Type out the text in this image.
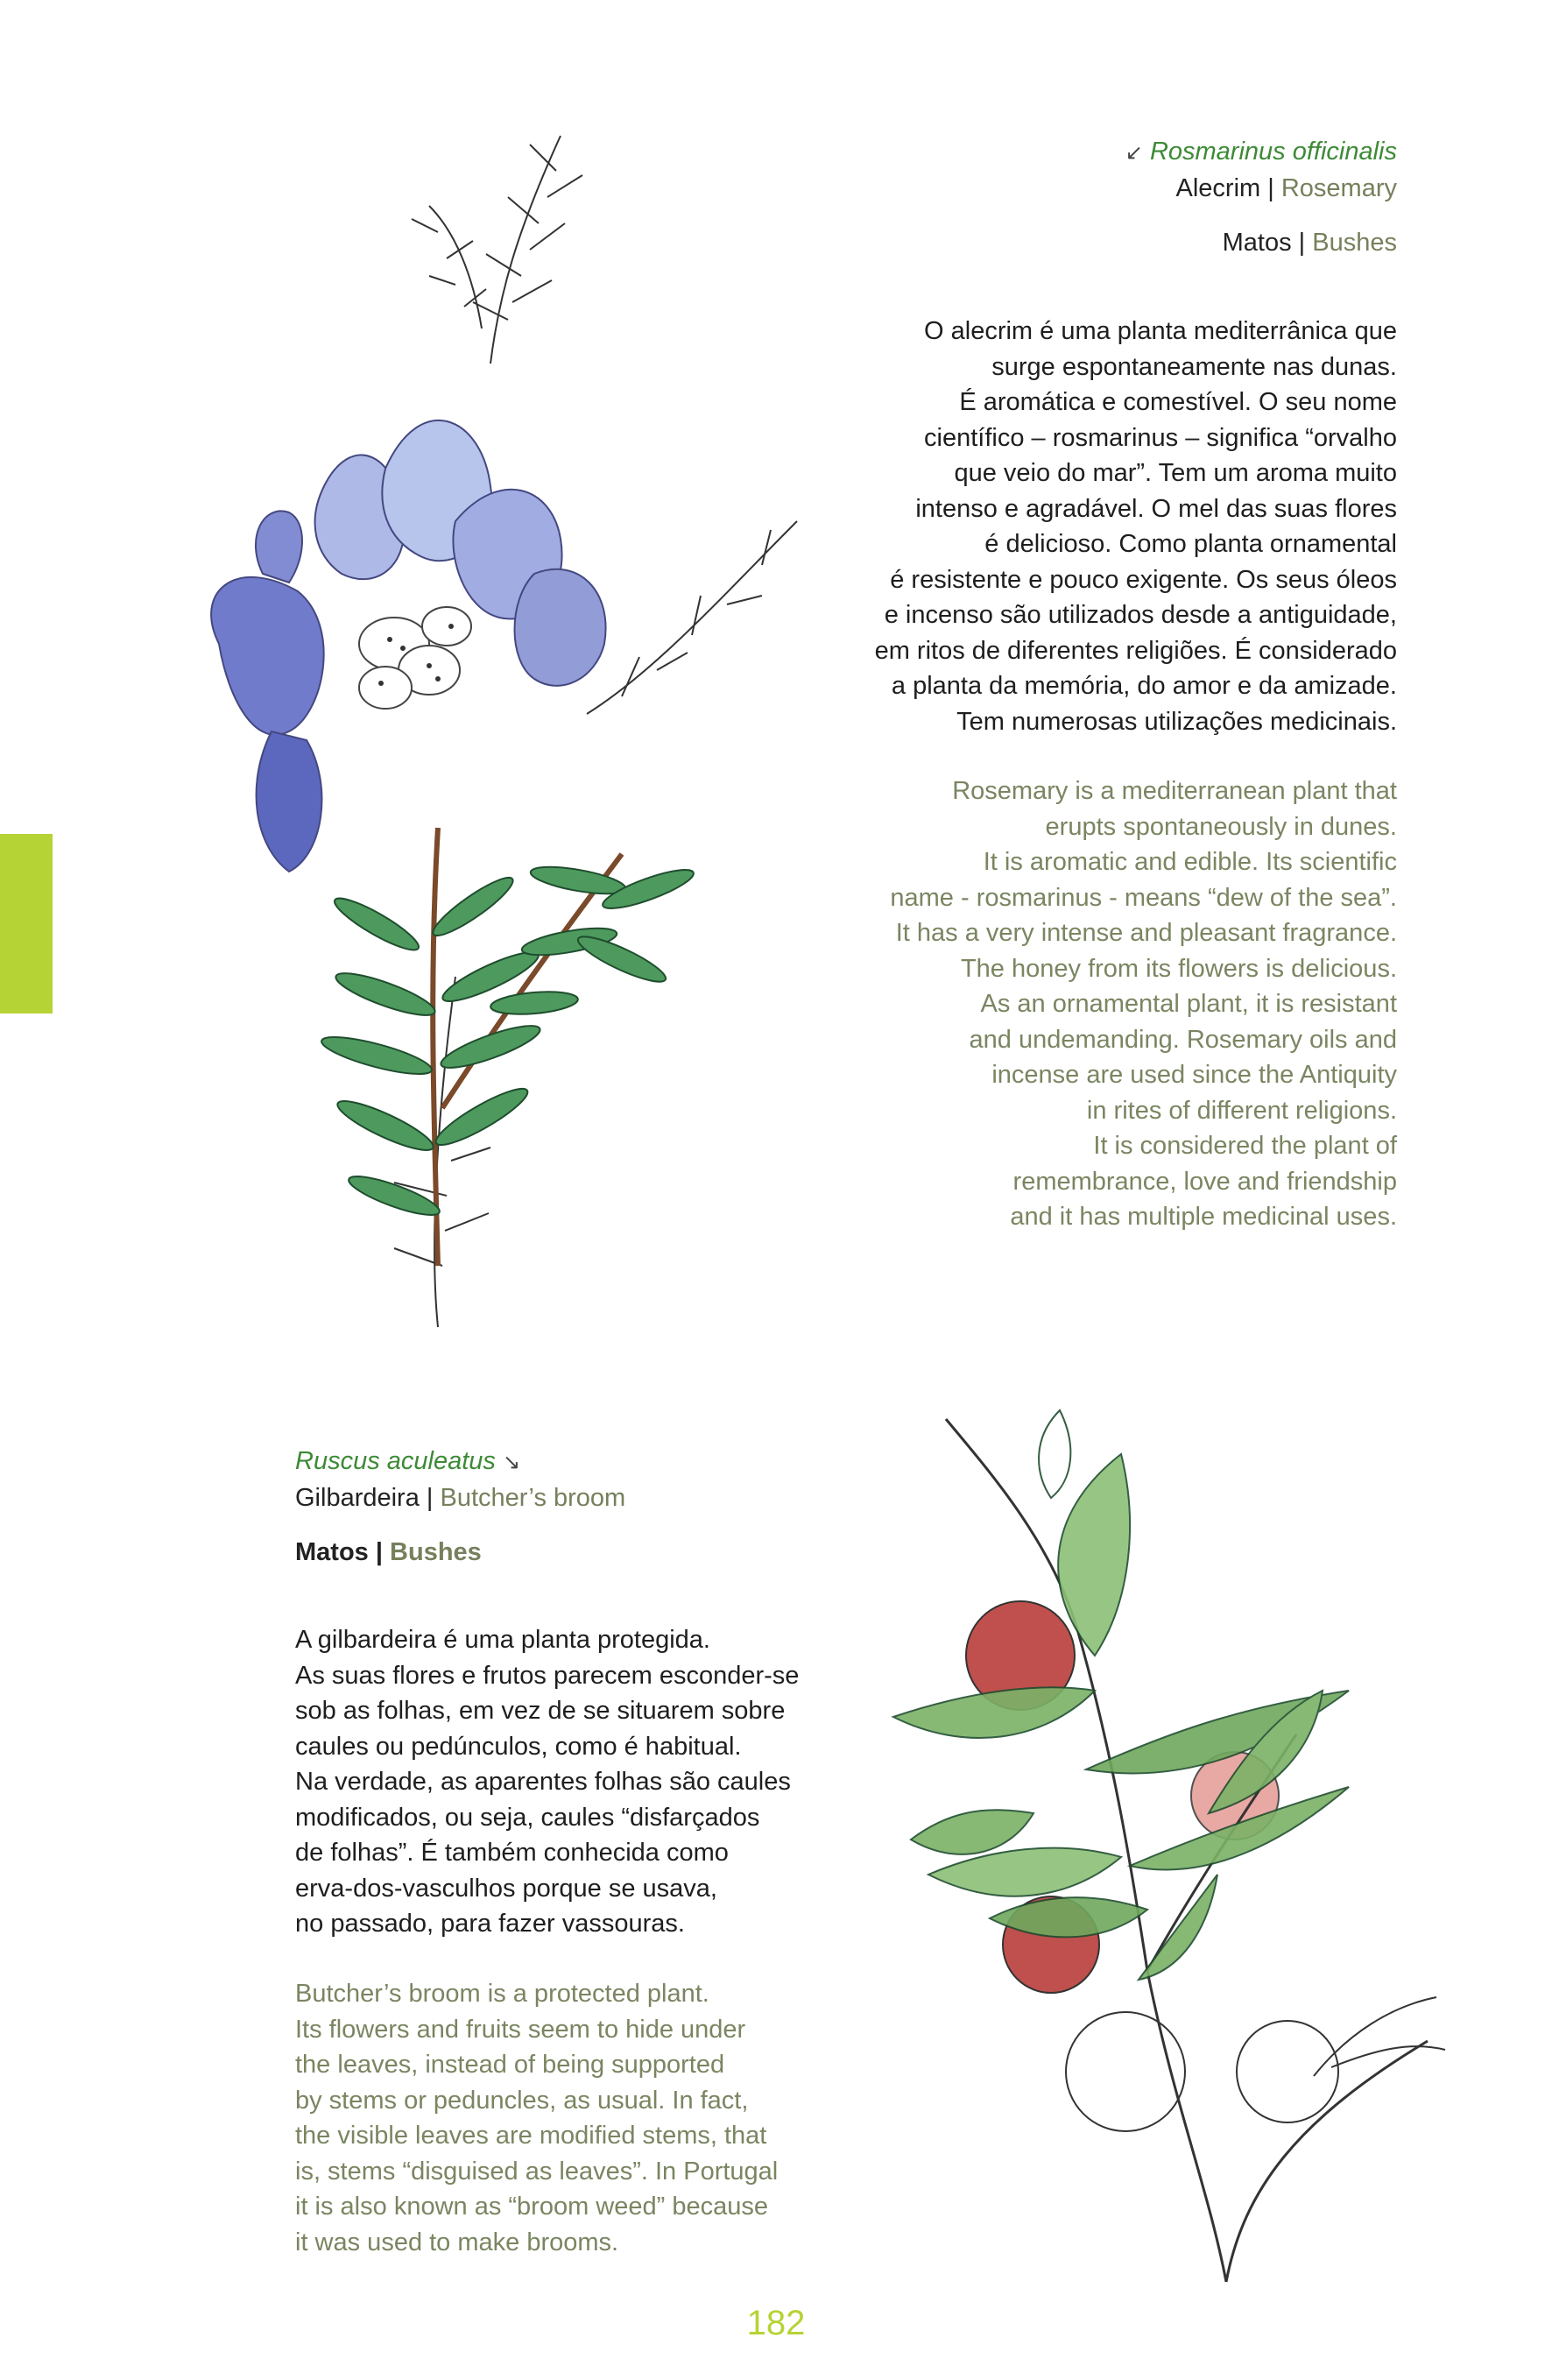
↙ Rosmarinus officinalis
Alecrim | Rosemary
Matos | Bushes
O alecrim é uma planta mediterrânica que
surge espontaneamente nas dunas.
É aromática e comestível. O seu nome
científico – rosmarinus – significa “orvalho
que veio do mar”. Tem um aroma muito
intenso e agradável. O mel das suas flores
é delicioso. Como planta ornamental
é resistente e pouco exigente. Os seus óleos
e incenso são utilizados desde a antiguidade,
em ritos de diferentes religiões. É considerado
a planta da memória, do amor e da amizade.
Tem numerosas utilizações medicinais.
Rosemary is a mediterranean plant that
erupts spontaneously in dunes.
It is aromatic and edible. Its scientific
name - rosmarinus - means “dew of the sea”.
It has a very intense and pleasant fragrance.
The honey from its flowers is delicious.
As an ornamental plant, it is resistant
and undemanding. Rosemary oils and
incense are used since the Antiquity
in rites of different religions.
It is considered the plant of
remembrance, love and friendship
and it has multiple medicinal uses.
Ruscus aculeatus ↘
Gilbardeira | Butcher’s broom
Matos | Bushes
A gilbardeira é uma planta protegida.
As suas flores e frutos parecem esconder-se
sob as folhas, em vez de se situarem sobre
caules ou pedúnculos, como é habitual.
Na verdade, as aparentes folhas são caules
modificados, ou seja, caules “disfarçados
de folhas”. É também conhecida como
erva-dos-vasculhos porque se usava,
no passado, para fazer vassouras.
Butcher’s broom is a protected plant.
Its flowers and fruits seem to hide under
the leaves, instead of being supported
by stems or peduncles, as usual. In fact,
the visible leaves are modified stems, that
is, stems “disguised as leaves”. In Portugal
it is also known as “broom weed” because
it was used to make brooms.
182
